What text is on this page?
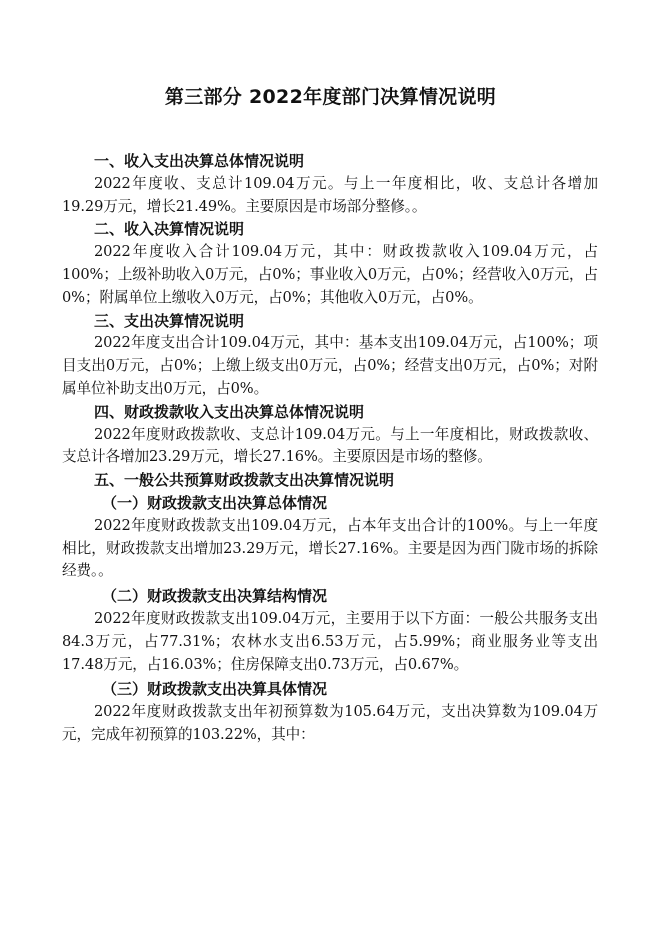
第三部分 2022年度部门决算情况说明
一、收入支出决算总体情况说明
2022年度收、支总计109.04万元。与上一年度相比，收、支总计各增加19.29万元，增长21.49%。主要原因是市场部分整修。。
二、收入决算情况说明
2022年度收入合计109.04万元，其中：财政拨款收入109.04万元，占100%；上级补助收入0万元，占0%；事业收入0万元，占0%；经营收入0万元，占0%；附属单位上缴收入0万元，占0%；其他收入0万元，占0%。
三、支出决算情况说明
2022年度支出合计109.04万元，其中：基本支出109.04万元，占100%；项目支出0万元，占0%；上缴上级支出0万元，占0%；经营支出0万元，占0%；对附属单位补助支出0万元，占0%。
四、财政拨款收入支出决算总体情况说明
2022年度财政拨款收、支总计109.04万元。与上一年度相比，财政拨款收、支总计各增加23.29万元，增长27.16%。主要原因是市场的整修。
五、一般公共预算财政拨款支出决算情况说明
（一）财政拨款支出决算总体情况
2022年度财政拨款支出109.04万元，占本年支出合计的100%。与上一年度相比，财政拨款支出增加23.29万元，增长27.16%。主要是因为西门陇市场的拆除经费。。
（二）财政拨款支出决算结构情况
2022年度财政拨款支出109.04万元，主要用于以下方面：一般公共服务支出84.3万元，占77.31%；农林水支出6.53万元，占5.99%；商业服务业等支出17.48万元，占16.03%；住房保障支出0.73万元，占0.67%。
（三）财政拨款支出决算具体情况
2022年度财政拨款支出年初预算数为105.64万元，支出决算数为109.04万元，完成年初预算的103.22%，其中：
